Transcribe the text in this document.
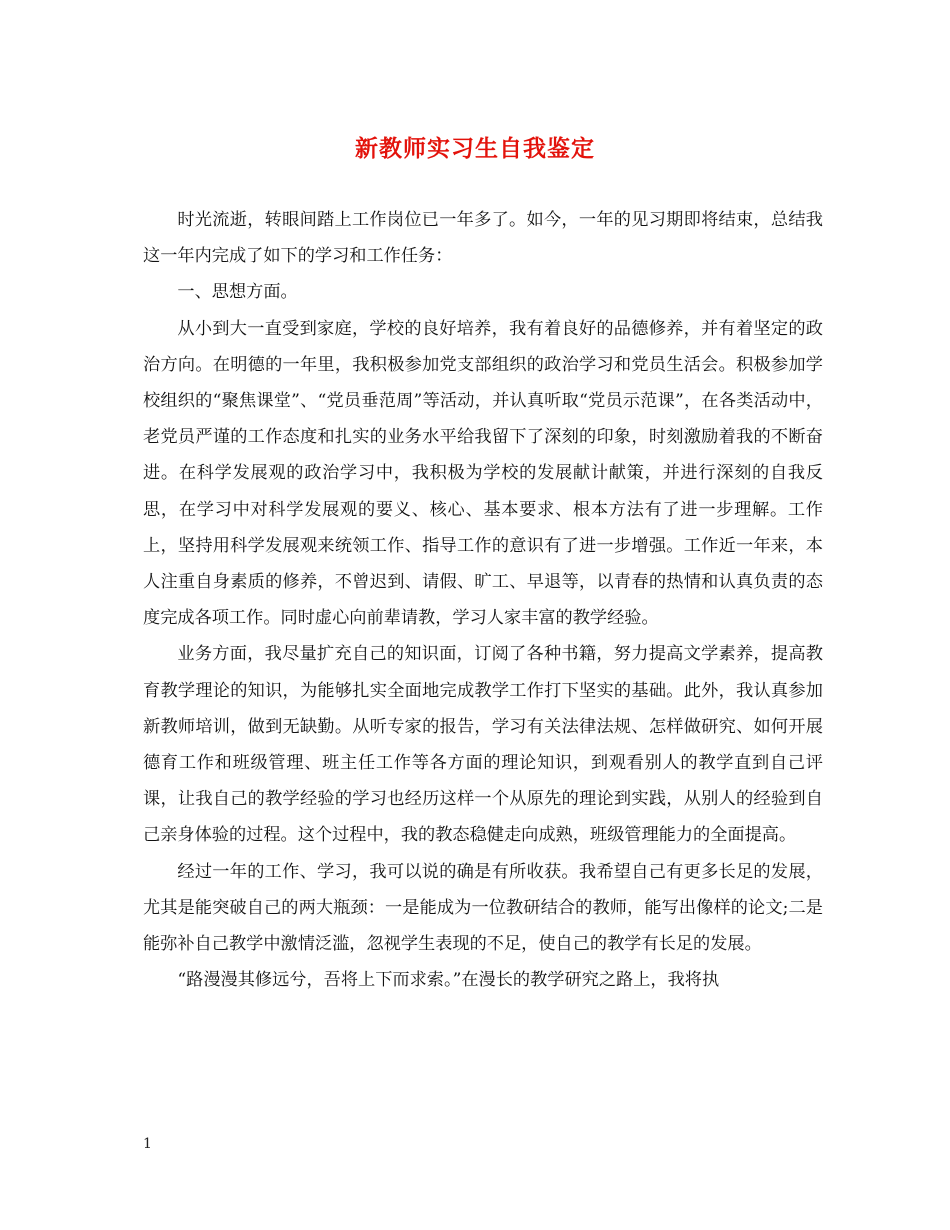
新教师实习生自我鉴定

时光流逝，转眼间踏上工作岗位已一年多了。如今，一年的见习期即将结束，总结我这一年内完成了如下的学习和工作任务：

一、思想方面。

从小到大一直受到家庭，学校的良好培养，我有着良好的品德修养，并有着坚定的政治方向。在明德的一年里，我积极参加党支部组织的政治学习和党员生活会。积极参加学校组织的“聚焦课堂”、“党员垂范周”等活动，并认真听取“党员示范课”，在各类活动中，老党员严谨的工作态度和扎实的业务水平给我留下了深刻的印象，时刻激励着我的不断奋进。在科学发展观的政治学习中，我积极为学校的发展献计献策，并进行深刻的自我反思，在学习中对科学发展观的要义、核心、基本要求、根本方法有了进一步理解。工作上，坚持用科学发展观来统领工作、指导工作的意识有了进一步增强。工作近一年来，本人注重自身素质的修养，不曾迟到、请假、旷工、早退等，以青春的热情和认真负责的态度完成各项工作。同时虚心向前辈请教，学习人家丰富的教学经验。

业务方面，我尽量扩充自己的知识面，订阅了各种书籍，努力提高文学素养，提高教育教学理论的知识，为能够扎实全面地完成教学工作打下坚实的基础。此外，我认真参加新教师培训，做到无缺勤。从听专家的报告，学习有关法律法规、怎样做研究、如何开展德育工作和班级管理、班主任工作等各方面的理论知识，到观看别人的教学直到自己评课，让我自己的教学经验的学习也经历这样一个从原先的理论到实践，从别人的经验到自己亲身体验的过程。这个过程中，我的教态稳健走向成熟，班级管理能力的全面提高。

经过一年的工作、学习，我可以说的确是有所收获。我希望自己有更多长足的发展，尤其是能突破自己的两大瓶颈：一是能成为一位教研结合的教师，能写出像样的论文;二是能弥补自己教学中激情泛滥，忽视学生表现的不足，使自己的教学有长足的发展。

“路漫漫其修远兮，吾将上下而求索。”在漫长的教学研究之路上，我将执

1
